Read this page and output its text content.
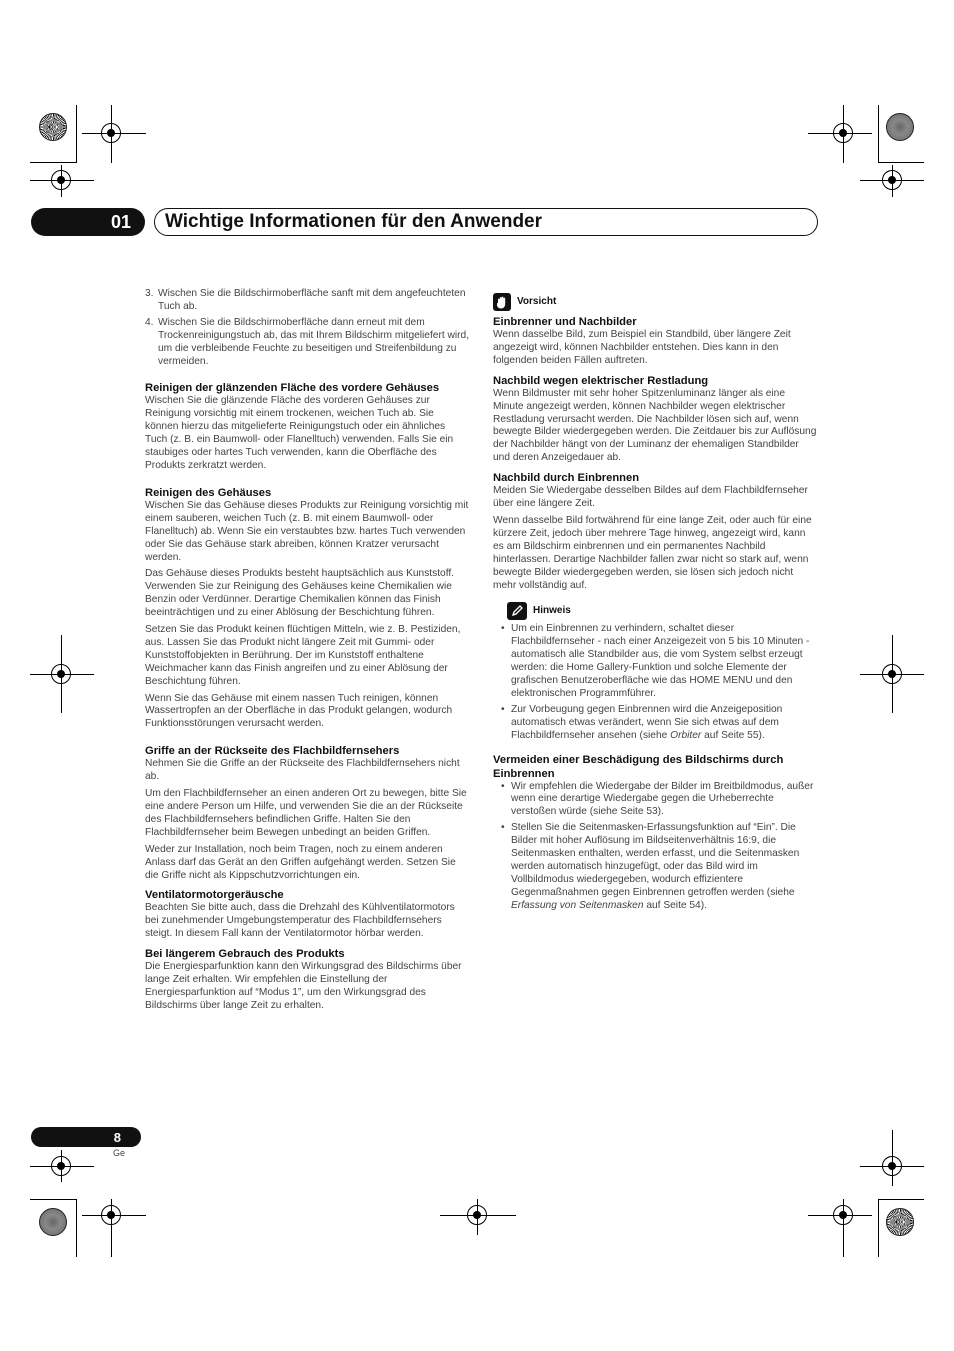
01 Wichtige Informationen für den Anwender
3. Wischen Sie die Bildschirmoberfläche sanft mit dem angefeuchteten Tuch ab.
4. Wischen Sie die Bildschirmoberfläche dann erneut mit dem Trockenreinigungstuch ab, das mit Ihrem Bildschirm mitgeliefert wird, um die verbleibende Feuchte zu beseitigen und Streifenbildung zu vermeiden.
Reinigen der glänzenden Fläche des vordere Gehäuses

Wischen Sie die glänzende Fläche des vorderen Gehäuses zur Reinigung vorsichtig mit einem trockenen, weichen Tuch ab. Sie können hierzu das mitgelieferte Reinigungstuch oder ein ähnliches Tuch (z. B. ein Baumwoll- oder Flanelltuch) verwenden. Falls Sie ein staubiges oder hartes Tuch verwenden, kann die Oberfläche des Produkts zerkratzt werden.

Reinigen des Gehäuses

Wischen Sie das Gehäuse dieses Produkts zur Reinigung vorsichtig mit einem sauberen, weichen Tuch (z. B. mit einem Baumwoll- oder Flanelltuch) ab. Wenn Sie ein verstaubtes bzw. hartes Tuch verwenden oder Sie das Gehäuse stark abreiben, können Kratzer verursacht werden.

Das Gehäuse dieses Produkts besteht hauptsächlich aus Kunststoff. Verwenden Sie zur Reinigung des Gehäuses keine Chemikalien wie Benzin oder Verdünner. Derartige Chemikalien können das Finish beeinträchtigen und zu einer Ablösung der Beschichtung führen.

Setzen Sie das Produkt keinen flüchtigen Mitteln, wie z. B. Pestiziden, aus. Lassen Sie das Produkt nicht längere Zeit mit Gummi- oder Kunststoffobjekten in Berührung. Der im Kunststoff enthaltene Weichmacher kann das Finish angreifen und zu einer Ablösung der Beschichtung führen.

Wenn Sie das Gehäuse mit einem nassen Tuch reinigen, können Wassertropfen an der Oberfläche in das Produkt gelangen, wodurch Funktionsstörungen verursacht werden.

Griffe an der Rückseite des Flachbildfernsehers

Nehmen Sie die Griffe an der Rückseite des Flachbildfernsehers nicht ab.

Um den Flachbildfernseher an einen anderen Ort zu bewegen, bitte Sie eine andere Person um Hilfe, und verwenden Sie die an der Rückseite des Flachbildfernsehers befindlichen Griffe. Halten Sie den Flachbildfernseher beim Bewegen unbedingt an beiden Griffen.

Weder zur Installation, noch beim Tragen, noch zu einem anderen Anlass darf das Gerät an den Griffen aufgehängt werden. Setzen Sie die Griffe nicht als Kippschutzvorrichtungen ein.

Ventilatormotorgeräusche

Beachten Sie bitte auch, dass die Drehzahl des Kühlventilatormotors bei zunehmender Umgebungstemperatur des Flachbildfernsehers steigt. In diesem Fall kann der Ventilatormotor hörbar werden.

Bei längerem Gebrauch des Produkts

Die Energiesparfunktion kann den Wirkungsgrad des Bildschirms über lange Zeit erhalten. Wir empfehlen die Einstellung der Energiesparfunktion auf “Modus 1”, um den Wirkungsgrad des Bildschirms über lange Zeit zu erhalten.

Vorsicht
Einbrenner und Nachbilder

Wenn dasselbe Bild, zum Beispiel ein Standbild, über längere Zeit angezeigt wird, können Nachbilder entstehen. Dies kann in den folgenden beiden Fällen auftreten.

Nachbild wegen elektrischer Restladung

Wenn Bildmuster mit sehr hoher Spitzenluminanz länger als eine Minute angezeigt werden, können Nachbilder wegen elektrischer Restladung verursacht werden. Die Nachbilder lösen sich auf, wenn bewegte Bilder wiedergegeben werden. Die Zeitdauer bis zur Auflösung der Nachbilder hängt von der Luminanz der ehemaligen Standbilder und deren Anzeigedauer ab.

Nachbild durch Einbrennen

Meiden Sie Wiedergabe desselben Bildes auf dem Flachbildfernseher über eine längere Zeit.

Wenn dasselbe Bild fortwährend für eine lange Zeit, oder auch für eine kürzere Zeit, jedoch über mehrere Tage hinweg, angezeigt wird, kann es am Bildschirm einbrennen und ein permanentes Nachbild hinterlassen. Derartige Nachbilder fallen zwar nicht so stark auf, wenn bewegte Bilder wiedergegeben werden, sie lösen sich jedoch nicht mehr vollständig auf.

Hinweis
• Um ein Einbrennen zu verhindern, schaltet dieser Flachbildfernseher - nach einer Anzeigezeit von 5 bis 10 Minuten - automatisch alle Standbilder aus, die vom System selbst erzeugt werden: die Home Gallery-Funktion und solche Elemente der grafischen Benutzeroberfläche wie das HOME MENU und den elektronischen Programmführer.
• Zur Vorbeugung gegen Einbrennen wird die Anzeigeposition automatisch etwas verändert, wenn Sie sich etwas auf dem Flachbildfernseher ansehen (siehe Orbiter auf Seite 55).
Vermeiden einer Beschädigung des Bildschirms durch Einbrennen
• Wir empfehlen die Wiedergabe der Bilder im Breitbildmodus, außer wenn eine derartige Wiedergabe gegen die Urheberrechte verstoßen würde (siehe Seite 53).
• Stellen Sie die Seitenmasken-Erfassungsfunktion auf “Ein”. Die Bilder mit hoher Auflösung im Bildseitenverhältnis 16:9, die Seitenmasken enthalten, werden erfasst, und die Seitenmasken werden automatisch hinzugefügt, oder das Bild wird im Vollbildmodus wiedergegeben, wodurch effizientere Gegenmaßnahmen gegen Einbrennen getroffen werden (siehe Erfassung von Seitenmasken auf Seite 54).
8
Ge
